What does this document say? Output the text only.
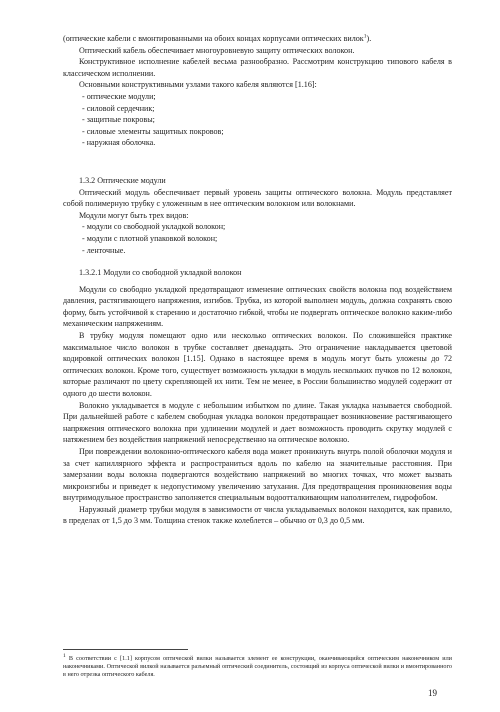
(оптические кабели с вмонтированными на обоих концах корпусами оптических вилок$^1$).

Оптический кабель обеспечивает многоуровневую защиту оптических волокон.

Конструктивное исполнение кабелей весьма разнообразно. Рассмотрим конструкцию типового кабеля в классическом исполнении.

Основными конструктивными узлами такого кабеля являются [1.16]:

- оптические модули;

- силовой сердечник;

- защитные покровы;

- силовые элементы защитных покровов;

- наружная оболочка.

1.3.2 Оптические модули

Оптический модуль обеспечивает первый уровень защиты оптического волокна. Модуль представляет собой полимерную трубку с уложенным в нее оптическим волокном или волокнами.

Модули могут быть трех видов:

- модули со свободной укладкой волокон;

- модули с плотной упаковкой волокон;

- ленточные.

1.3.2.1 Модули со свободной укладкой волокон

Модули со свободно укладкой предотвращают изменение оптических свойств волокна под воздействием давления, растягивающего напряжения, изгибов. Трубка, из которой выполнен модуль, должна сохранять свою форму, быть устойчивой к старению и достаточно гибкой, чтобы не подвергать оптическое волокно каким-либо механическим напряжениям.

В трубку модуля помещают одно или несколько оптических волокон. По сложившейся практике максимальное число волокон в трубке составляет двенадцать. Это ограничение накладывается цветовой кодировкой оптических волокон [1.15]. Однако в настоящее время в модуль могут быть уложены до 72 оптических волокон. Кроме того, существует возможность укладки в модуль нескольких пучков по 12 волокон, которые различают по цвету скрепляющей их нити. Тем не менее, в России большинство модулей содержит от одного до шести волокон.

Волокно укладывается в модуле с небольшим избытком по длине. Такая укладка называется свободной. При дальнейшей работе с кабелем свободная укладка волокон предотвращает возникновение растягивающего напряжения оптического волокна при удлинении модулей и дает возможность проводить скрутку модулей с натяжением без воздействия напряжений непосредственно на оптическое волокно.

При повреждении волоконно-оптического кабеля вода может проникнуть внутрь полой оболочки модуля и за счет капиллярного эффекта и распространиться вдоль по кабелю на значительные расстояния. При замерзании воды волокна подвергаются воздействию напряжений во многих точках, что может вызвать микроизгибы и приведет к недопустимому увеличению затухания. Для предотвращения проникновения воды внутримодульное пространство заполняется специальным водоотталкивающим наполнителем, гидрофобом.

Наружный диаметр трубки модуля в зависимости от числа укладываемых волокон находится, как правило, в пределах от 1,5 до 3 мм. Толщина стенок также колеблется – обычно от 0,3 до 0,5 мм.

$^1$ В соответствии с [1.1] корпусом оптической вилки называется элемент ее конструкции, оканчивающийся оптическим наконечником или наконечниками. Оптической вилкой называется разъемный оптический соединитель, состоящий из корпуса оптической вилки и вмонтированного в него отрезка оптического кабеля.

19
